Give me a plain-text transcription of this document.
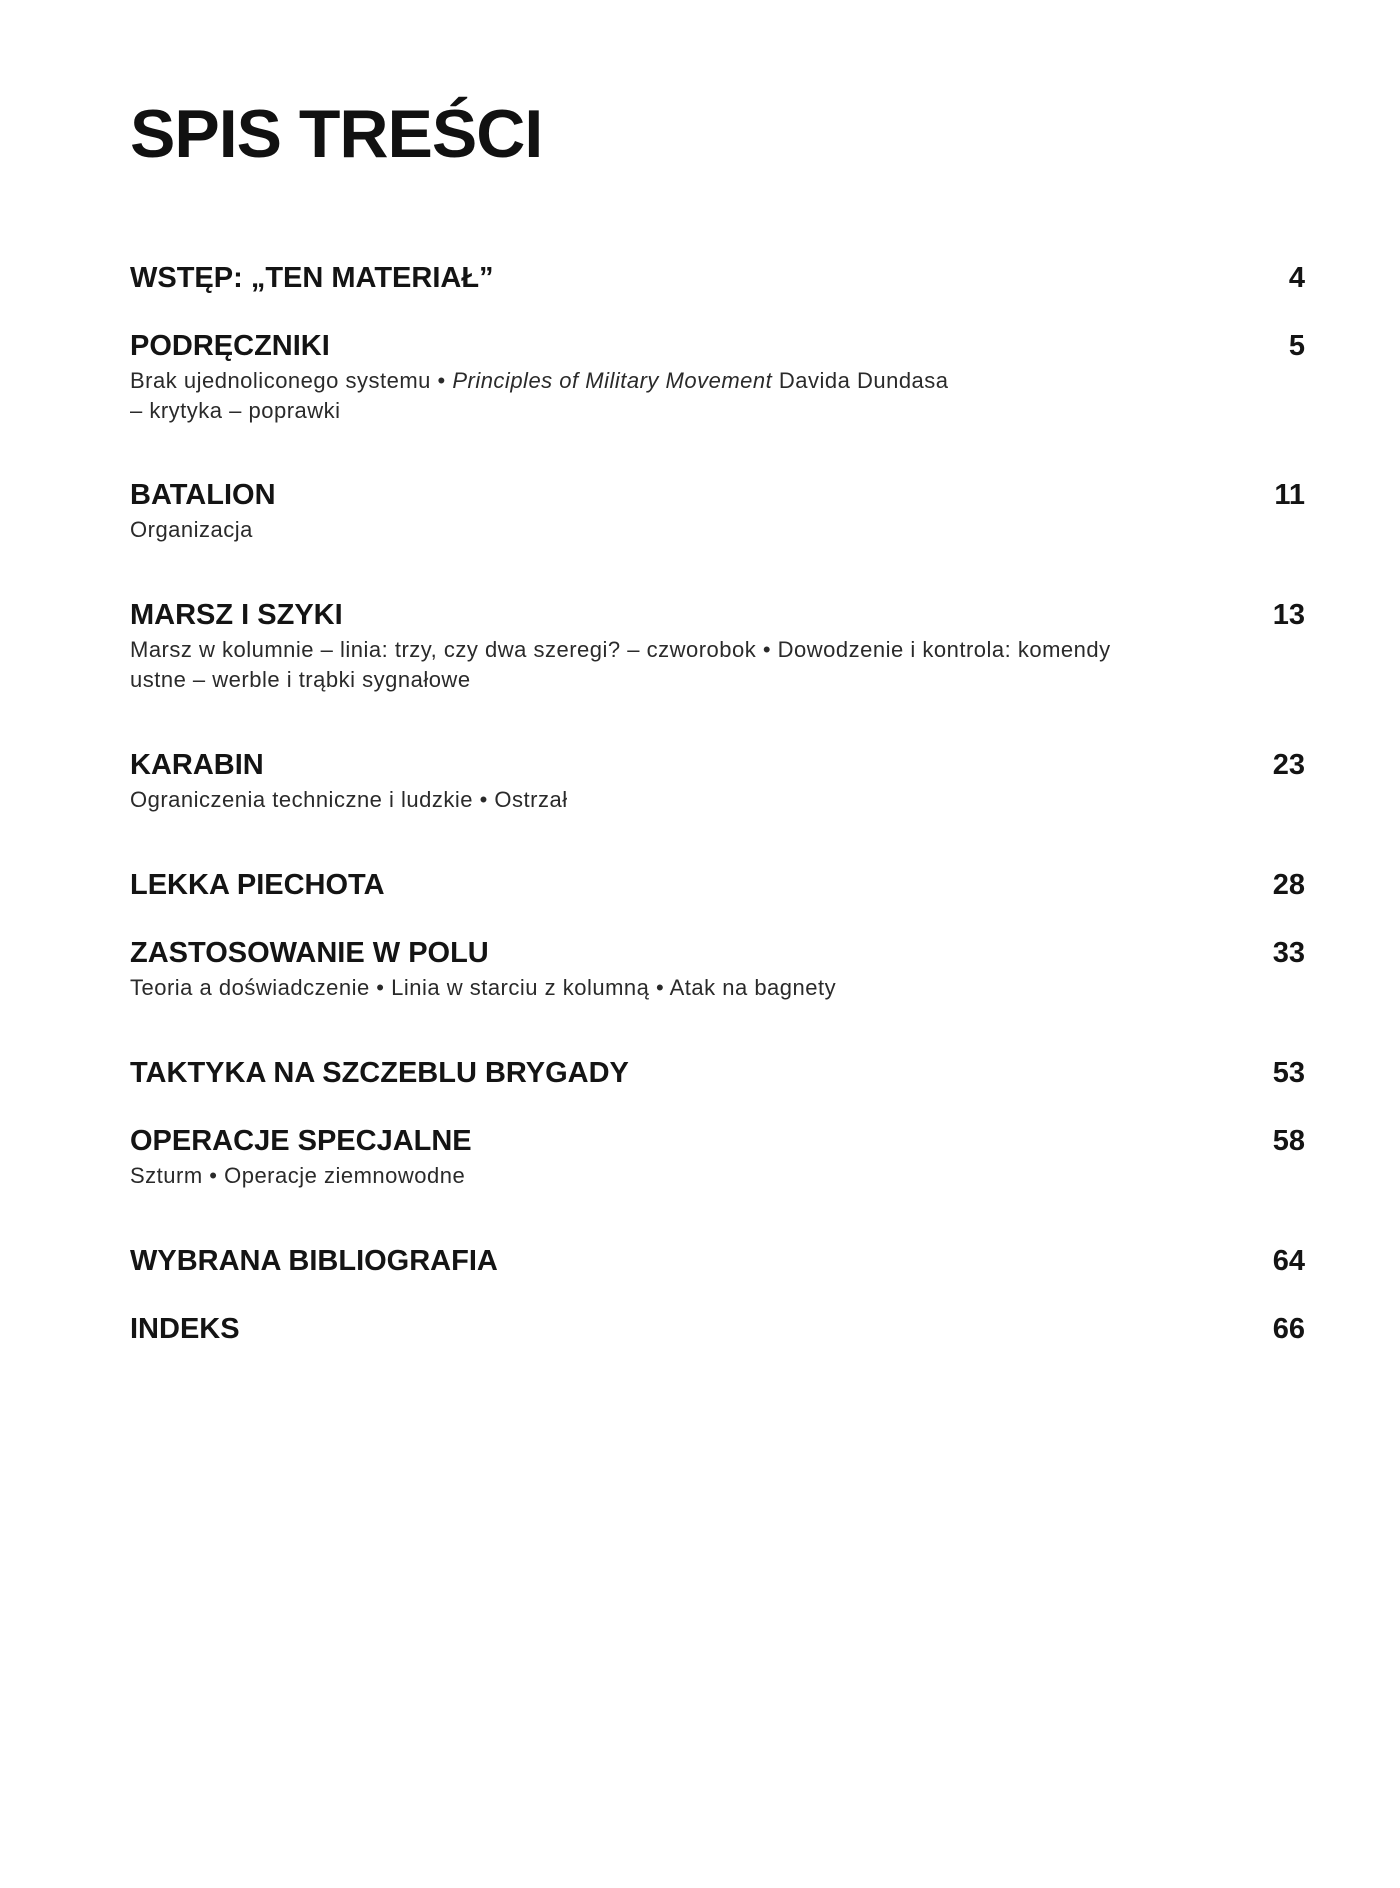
SPIS TREŚCI
WSTĘP: „TEN MATERIAŁ”	4
PODRĘCZNIKI	5
Brak ujednoliconego systemu • Principles of Military Movement Davida Dundasa
– krytyka – poprawki
BATALION	11
Organizacja
MARSZ I SZYKI	13
Marsz w kolumnie – linia: trzy, czy dwa szeregi? – czworobok • Dowodzenie i kontrola: komendy
ustne – werble i trąbki sygnałowe
KARABIN	23
Ograniczenia techniczne i ludzkie • Ostrzał
LEKKA PIECHOTA	28
ZASTOSOWANIE W POLU	33
Teoria a doświadczenie • Linia w starciu z kolumną • Atak na bagnety
TAKTYKA NA SZCZEBLU BRYGADY	53
OPERACJE SPECJALNE	58
Szturm • Operacje ziemnowodne
WYBRANA BIBLIOGRAFIA	64
INDEKS	66
